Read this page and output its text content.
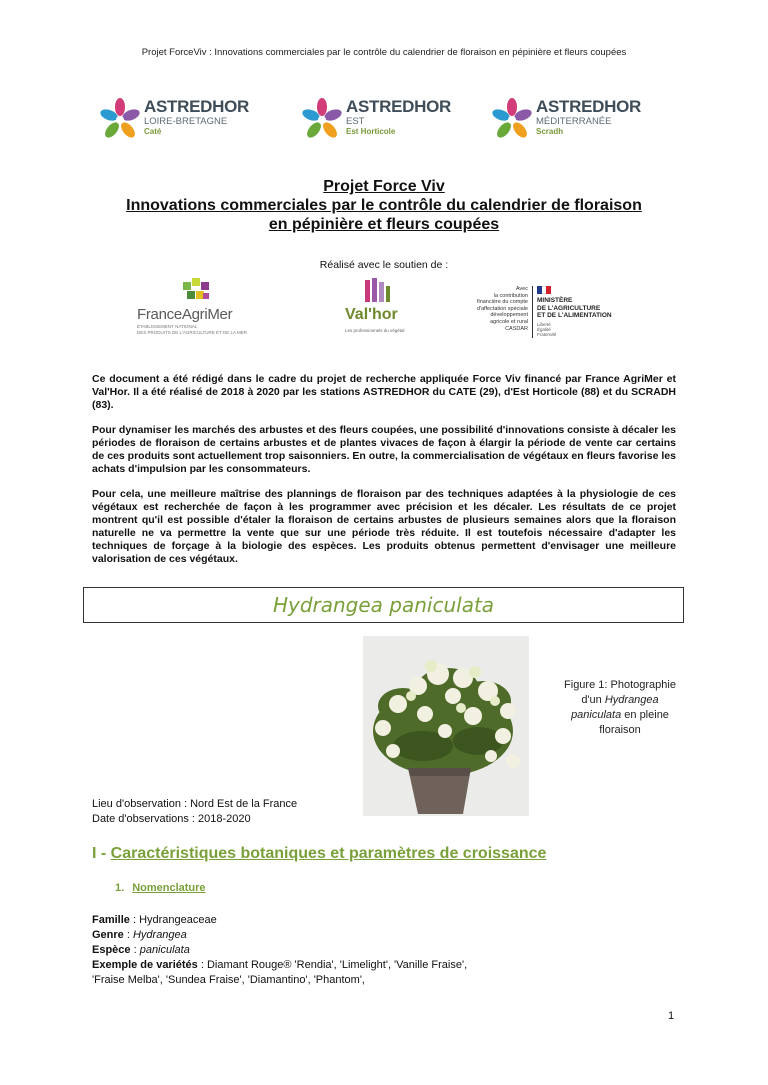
Projet ForceViv : Innovations commerciales par le contrôle du calendrier de floraison en pépinière et fleurs coupées
ASTREDHOR
LOIRE-BRETAGNE
Caté
ASTREDHOR
EST
Est Horticole
ASTREDHOR
MÉDITERRANÉE
Scradh
Projet Force Viv
Innovations commerciales par le contrôle du calendrier de floraison
en pépinière et fleurs coupées
Réalisé avec le soutien de :
FranceAgriMer
ÉTABLISSEMENT NATIONAL
DES PRODUITS DE L'AGRICULTURE ET DE LA MER
Val'hor
Les professionnels du végétal
Avec
la contribution
financière du compte
d'affectation spéciale
développement
agricole et rural
CASDAR
MINISTÈRE
DE L'AGRICULTURE
ET DE L'ALIMENTATION
Liberté
Égalité
Fraternité

Ce document a été rédigé dans le cadre du projet de recherche appliquée Force Viv financé par France AgriMer et Val'Hor. Il a été réalisé de 2018 à 2020 par les stations ASTREDHOR du CATE (29), d'Est Horticole (88) et du SCRADH (83).

Pour dynamiser les marchés des arbustes et des fleurs coupées, une possibilité d'innovations consiste à décaler les périodes de floraison de certains arbustes et de plantes vivaces de façon à élargir la période de vente car certains de ces produits sont actuellement trop saisonniers. En outre, la commercialisation de végétaux en fleurs favorise les achats d'impulsion par les consommateurs.

Pour cela, une meilleure maîtrise des plannings de floraison par des techniques adaptées à la physiologie de ces végétaux est recherchée de façon à les programmer avec précision et les décaler. Les résultats de ce projet montrent qu'il est possible d'étaler la floraison de certains arbustes de plusieurs semaines alors que la floraison naturelle ne va permettre la vente que sur une période très réduite. Il est toutefois nécessaire d'adapter les techniques de forçage à la biologie des espèces. Les produits obtenus permettent d'envisager une meilleure valorisation de ces végétaux.

Hydrangea paniculata
Figure 1: Photographie
d'un Hydrangea
paniculata en pleine
floraison
Lieu d'observation : Nord Est de la France
Date d'observations : 2018-2020
I - Caractéristiques botaniques et paramètres de croissance
1. Nomenclature
Famille : Hydrangeaceae
Genre : Hydrangea
Espèce : paniculata
Exemple de variétés : Diamant Rouge® 'Rendia', 'Limelight', 'Vanille Fraise',
'Fraise Melba', 'Sundea Fraise', 'Diamantino', 'Phantom',
1
